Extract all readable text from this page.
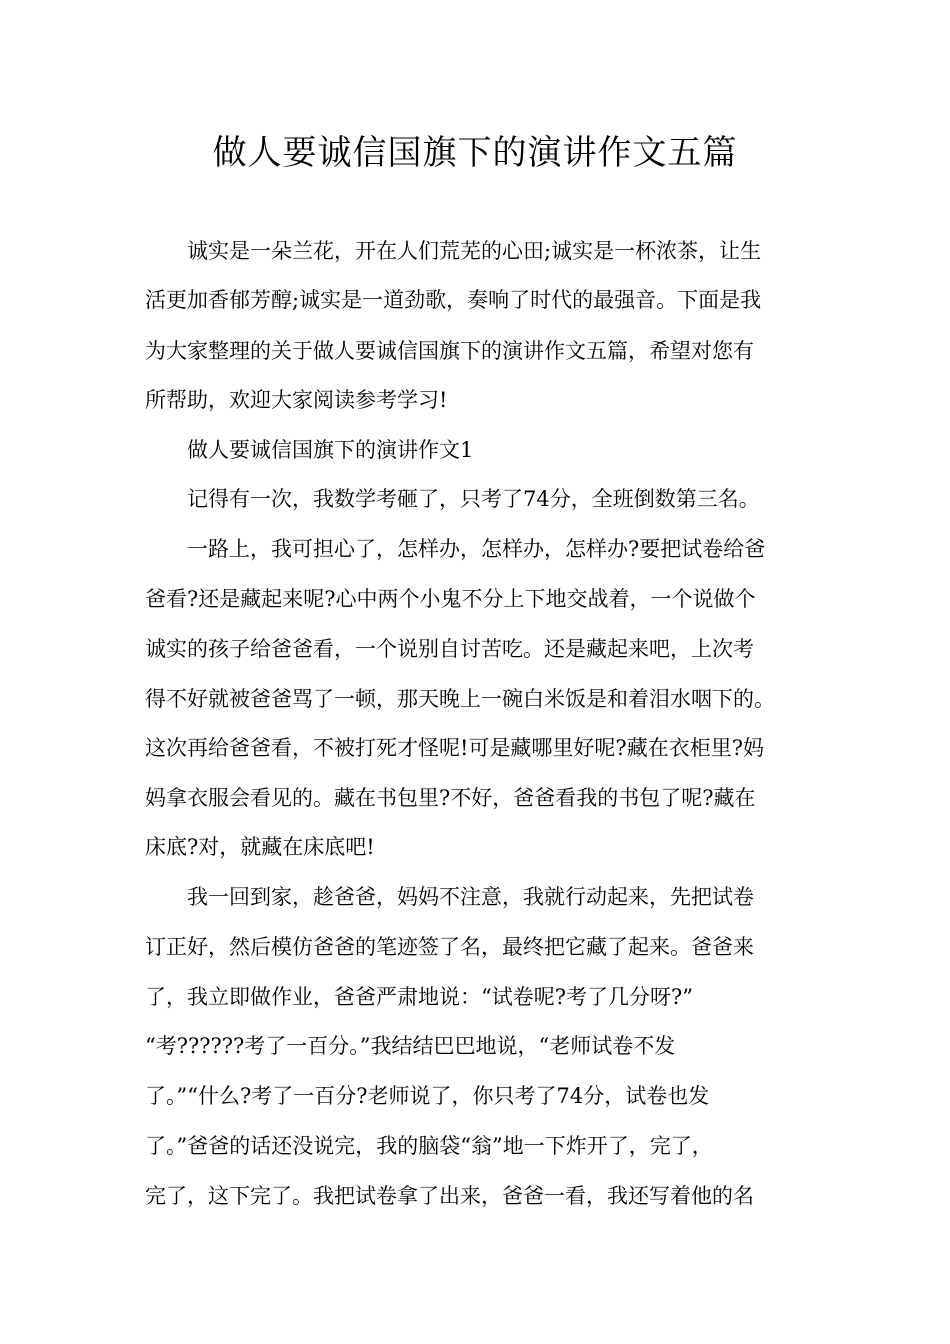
做人要诚信国旗下的演讲作文五篇
　　诚实是一朵兰花，开在人们荒芜的心田;诚实是一杯浓茶，让生
活更加香郁芳醇;诚实是一道劲歌，奏响了时代的最强音。下面是我
为大家整理的关于做人要诚信国旗下的演讲作文五篇，希望对您有
所帮助，欢迎大家阅读参考学习!
　　做人要诚信国旗下的演讲作文1
　　记得有一次，我数学考砸了，只考了74分，全班倒数第三名。
　　一路上，我可担心了，怎样办，怎样办，怎样办?要把试卷给爸
爸看?还是藏起来呢?心中两个小鬼不分上下地交战着，一个说做个
诚实的孩子给爸爸看，一个说别自讨苦吃。还是藏起来吧，上次考
得不好就被爸爸骂了一顿，那天晚上一碗白米饭是和着泪水咽下的。
这次再给爸爸看，不被打死才怪呢!可是藏哪里好呢?藏在衣柜里?妈
妈拿衣服会看见的。藏在书包里?不好，爸爸看我的书包了呢?藏在
床底?对，就藏在床底吧!
　　我一回到家，趁爸爸，妈妈不注意，我就行动起来，先把试卷
订正好，然后模仿爸爸的笔迹签了名，最终把它藏了起来。爸爸来
了，我立即做作业，爸爸严肃地说：“试卷呢?考了几分呀?”
“考??????考了一百分。”我结结巴巴地说，“老师试卷不发
了。”“什么?考了一百分?老师说了，你只考了74分，试卷也发
了。”爸爸的话还没说完，我的脑袋“翁”地一下炸开了，完了，
完了，这下完了。我把试卷拿了出来，爸爸一看，我还写着他的名
